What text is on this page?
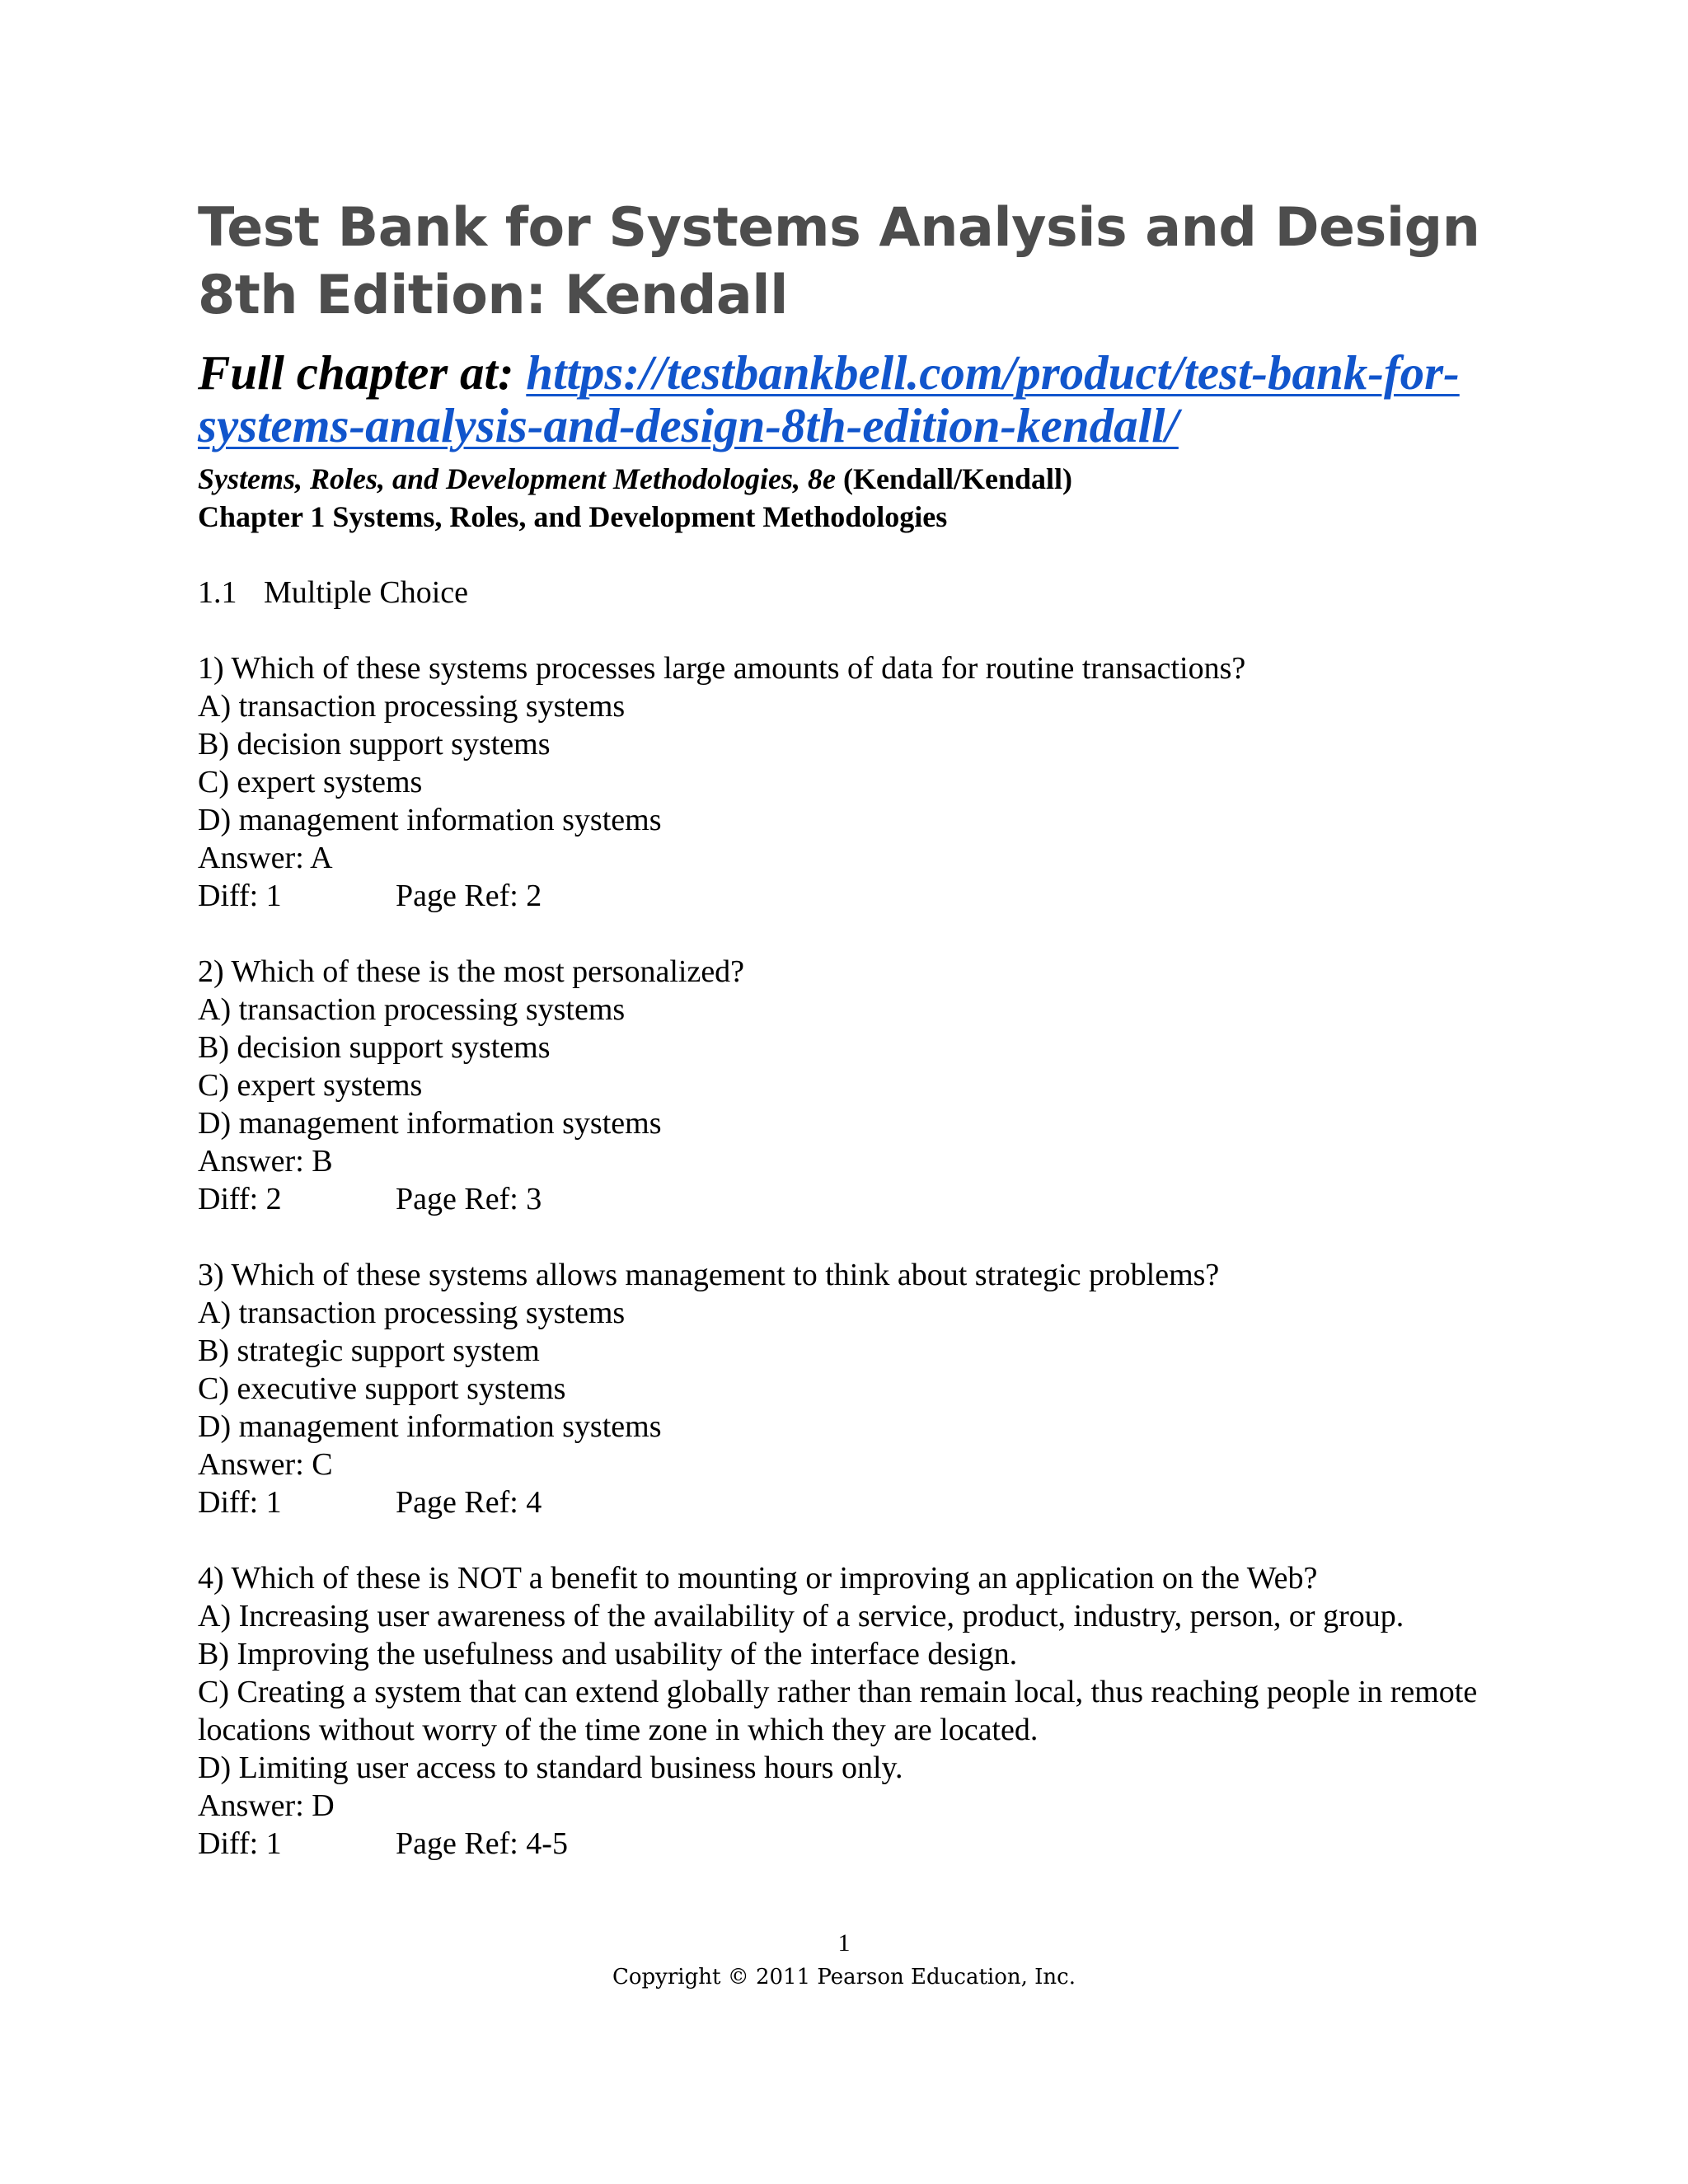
Test Bank for Systems Analysis and Design 8th Edition: Kendall
Full chapter at: https://testbankbell.com/product/test-bank-for-systems-analysis-and-design-8th-edition-kendall/
Systems, Roles, and Development Methodologies, 8e (Kendall/Kendall)
Chapter 1 Systems, Roles, and Development Methodologies
1.1 Multiple Choice
1) Which of these systems processes large amounts of data for routine transactions?
A) transaction processing systems
B) decision support systems
C) expert systems
D) management information systems
Answer: A
Diff: 1	Page Ref: 2
2) Which of these is the most personalized?
A) transaction processing systems
B) decision support systems
C) expert systems
D) management information systems
Answer: B
Diff: 2	Page Ref: 3
3) Which of these systems allows management to think about strategic problems?
A) transaction processing systems
B) strategic support system
C) executive support systems
D) management information systems
Answer: C
Diff: 1	Page Ref: 4
4) Which of these is NOT a benefit to mounting or improving an application on the Web?
A) Increasing user awareness of the availability of a service, product, industry, person, or group.
B) Improving the usefulness and usability of the interface design.
C) Creating a system that can extend globally rather than remain local, thus reaching people in remote locations without worry of the time zone in which they are located.
D) Limiting user access to standard business hours only.
Answer: D
Diff: 1	Page Ref: 4-5
1
Copyright © 2011 Pearson Education, Inc.
